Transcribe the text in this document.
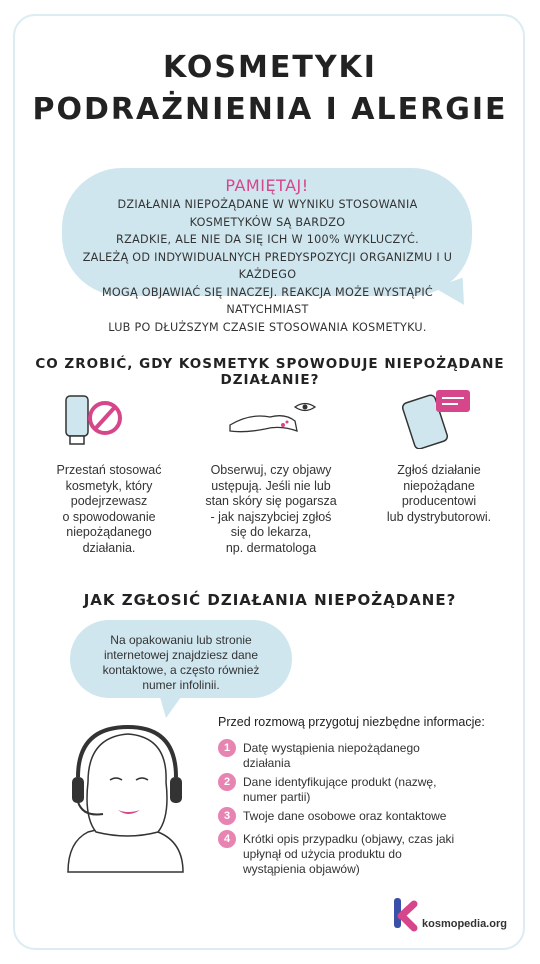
KOSMETYKI
PODRAŻNIENIA I ALERGIE
PAMIĘTAJ!
DZIAŁANIA NIEPOŻĄDANE W WYNIKU STOSOWANIA KOSMETYKÓW SĄ BARDZO
RZADKIE, ALE NIE DA SIĘ ICH W 100% WYKLUCZYĆ.
ZALEŻĄ OD INDYWIDUALNYCH PREDYSPOZYCJI ORGANIZMU I U KAŻDEGO
MOGĄ OBJAWIAĆ SIĘ INACZEJ. REAKCJA MOŻE WYSTĄPIĆ NATYCHMIAST
LUB PO DŁUŻSZYM CZASIE STOSOWANIA KOSMETYKU.
CO ZROBIĆ, GDY KOSMETYK SPOWODUJE NIEPOŻĄDANE DZIAŁANIE?
Przestań stosować
kosmetyk, który
podejrzewasz
o spowodowanie
niepożądanego
działania.
Obserwuj, czy objawy
ustępują. Jeśli nie lub
stan skóry się pogarsza
- jak najszybciej zgłoś
się do lekarza,
np. dermatologa
Zgłoś działanie
niepożądane
producentowi
lub dystrybutorowi.
JAK ZGŁOSIĆ DZIAŁANIA NIEPOŻĄDANE?
Na opakowaniu lub stronie
internetowej znajdziesz dane
kontaktowe, a często również
numer infolinii.
Przed rozmową przygotuj niezbędne informacje:
1	Datę wystąpienia niepożądanego
działania
2	Dane identyfikujące produkt (nazwę,
numer partii)
3	Twoje dane osobowe oraz kontaktowe
4	Krótki opis przypadku (objawy, czas jaki
upłynął od użycia produktu do
wystąpienia objawów)
kosmopedia.org
